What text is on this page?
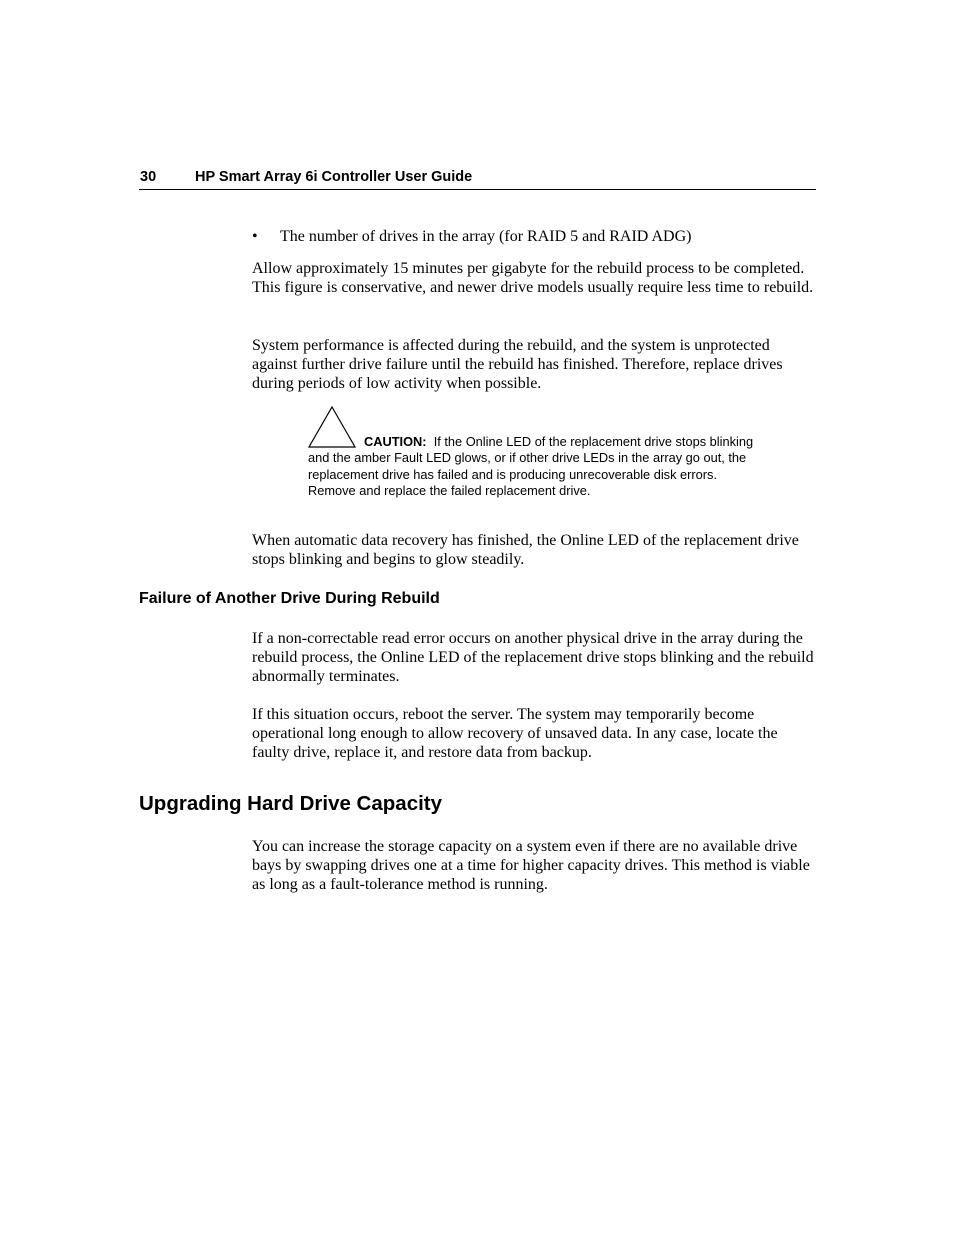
30	HP Smart Array 6i Controller User Guide
• The number of drives in the array (for RAID 5 and RAID ADG)

Allow approximately 15 minutes per gigabyte for the rebuild process to be completed. This figure is conservative, and newer drive models usually require less time to rebuild.

System performance is affected during the rebuild, and the system is unprotected against further drive failure until the rebuild has finished. Therefore, replace drives during periods of low activity when possible.

CAUTION: If the Online LED of the replacement drive stops blinking and the amber Fault LED glows, or if other drive LEDs in the array go out, the replacement drive has failed and is producing unrecoverable disk errors. Remove and replace the failed replacement drive.

When automatic data recovery has finished, the Online LED of the replacement drive stops blinking and begins to glow steadily.

Failure of Another Drive During Rebuild

If a non-correctable read error occurs on another physical drive in the array during the rebuild process, the Online LED of the replacement drive stops blinking and the rebuild abnormally terminates.

If this situation occurs, reboot the server. The system may temporarily become operational long enough to allow recovery of unsaved data. In any case, locate the faulty drive, replace it, and restore data from backup.

Upgrading Hard Drive Capacity

You can increase the storage capacity on a system even if there are no available drive bays by swapping drives one at a time for higher capacity drives. This method is viable as long as a fault-tolerance method is running.
